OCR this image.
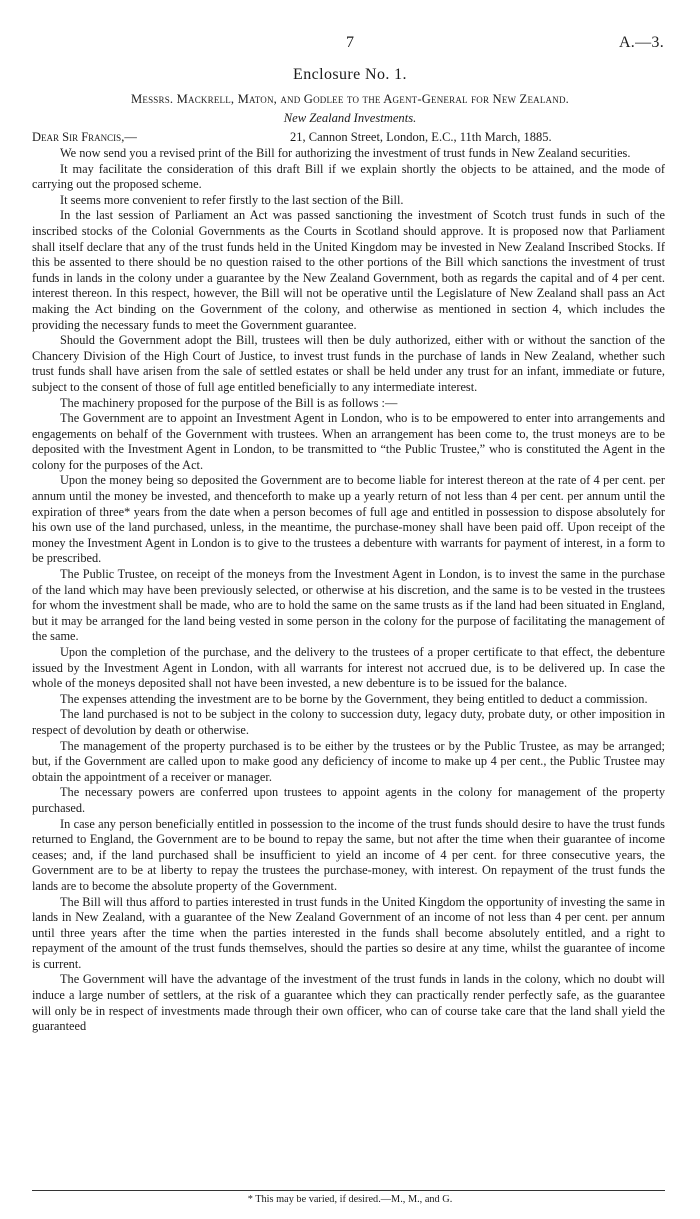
7	A.—3.
Enclosure No. 1.
Messrs. Mackrell, Maton, and Godlee to the Agent-General for New Zealand.
New Zealand Investments.
Dear Sir Francis,—	21, Cannon Street, London, E.C., 11th March, 1885.

We now send you a revised print of the Bill for authorizing the investment of trust funds in New Zealand securities.

It may facilitate the consideration of this draft Bill if we explain shortly the objects to be attained, and the mode of carrying out the proposed scheme.

It seems more convenient to refer firstly to the last section of the Bill.

In the last session of Parliament an Act was passed sanctioning the investment of Scotch trust funds in such of the inscribed stocks of the Colonial Governments as the Courts in Scotland should approve. It is proposed now that Parliament shall itself declare that any of the trust funds held in the United Kingdom may be invested in New Zealand Inscribed Stocks. If this be assented to there should be no question raised to the other portions of the Bill which sanctions the investment of trust funds in lands in the colony under a guarantee by the New Zealand Government, both as regards the capital and of 4 per cent. interest thereon. In this respect, however, the Bill will not be operative until the Legislature of New Zealand shall pass an Act making the Act binding on the Government of the colony, and otherwise as mentioned in section 4, which includes the providing the necessary funds to meet the Government guarantee.

Should the Government adopt the Bill, trustees will then be duly authorized, either with or without the sanction of the Chancery Division of the High Court of Justice, to invest trust funds in the purchase of lands in New Zealand, whether such trust funds shall have arisen from the sale of settled estates or shall be held under any trust for an infant, immediate or future, subject to the consent of those of full age entitled beneficially to any intermediate interest.

The machinery proposed for the purpose of the Bill is as follows :—

The Government are to appoint an Investment Agent in London, who is to be empowered to enter into arrangements and engagements on behalf of the Government with trustees. When an arrangement has been come to, the trust moneys are to be deposited with the Investment Agent in London, to be transmitted to “the Public Trustee,” who is constituted the Agent in the colony for the purposes of the Act.

Upon the money being so deposited the Government are to become liable for interest thereon at the rate of 4 per cent. per annum until the money be invested, and thenceforth to make up a yearly return of not less than 4 per cent. per annum until the expiration of three* years from the date when a person becomes of full age and entitled in possession to dispose absolutely for his own use of the land purchased, unless, in the meantime, the purchase-money shall have been paid off. Upon receipt of the money the Investment Agent in London is to give to the trustees a debenture with warrants for payment of interest, in a form to be prescribed.

The Public Trustee, on receipt of the moneys from the Investment Agent in London, is to invest the same in the purchase of the land which may have been previously selected, or otherwise at his discretion, and the same is to be vested in the trustees for whom the investment shall be made, who are to hold the same on the same trusts as if the land had been situated in England, but it may be arranged for the land being vested in some person in the colony for the purpose of facilitating the management of the same.

Upon the completion of the purchase, and the delivery to the trustees of a proper certificate to that effect, the debenture issued by the Investment Agent in London, with all warrants for interest not accrued due, is to be delivered up. In case the whole of the moneys deposited shall not have been invested, a new debenture is to be issued for the balance.

The expenses attending the investment are to be borne by the Government, they being entitled to deduct a commission.

The land purchased is not to be subject in the colony to succession duty, legacy duty, probate duty, or other imposition in respect of devolution by death or otherwise.

The management of the property purchased is to be either by the trustees or by the Public Trustee, as may be arranged; but, if the Government are called upon to make good any deficiency of income to make up 4 per cent., the Public Trustee may obtain the appointment of a receiver or manager.

The necessary powers are conferred upon trustees to appoint agents in the colony for management of the property purchased.

In case any person beneficially entitled in possession to the income of the trust funds should desire to have the trust funds returned to England, the Government are to be bound to repay the same, but not after the time when their guarantee of income ceases; and, if the land purchased shall be insufficient to yield an income of 4 per cent. for three consecutive years, the Government are to be at liberty to repay the trustees the purchase-money, with interest. On repayment of the trust funds the lands are to become the absolute property of the Government.

The Bill will thus afford to parties interested in trust funds in the United Kingdom the opportunity of investing the same in lands in New Zealand, with a guarantee of the New Zealand Government of an income of not less than 4 per cent. per annum until three years after the time when the parties interested in the funds shall become absolutely entitled, and a right to repayment of the amount of the trust funds themselves, should the parties so desire at any time, whilst the guarantee of income is current.

The Government will have the advantage of the investment of the trust funds in lands in the colony, which no doubt will induce a large number of settlers, at the risk of a guarantee which they can practically render perfectly safe, as the guarantee will only be in respect of investments made through their own officer, who can of course take care that the land shall yield the guaranteed

* This may be varied, if desired.—M., M., and G.
